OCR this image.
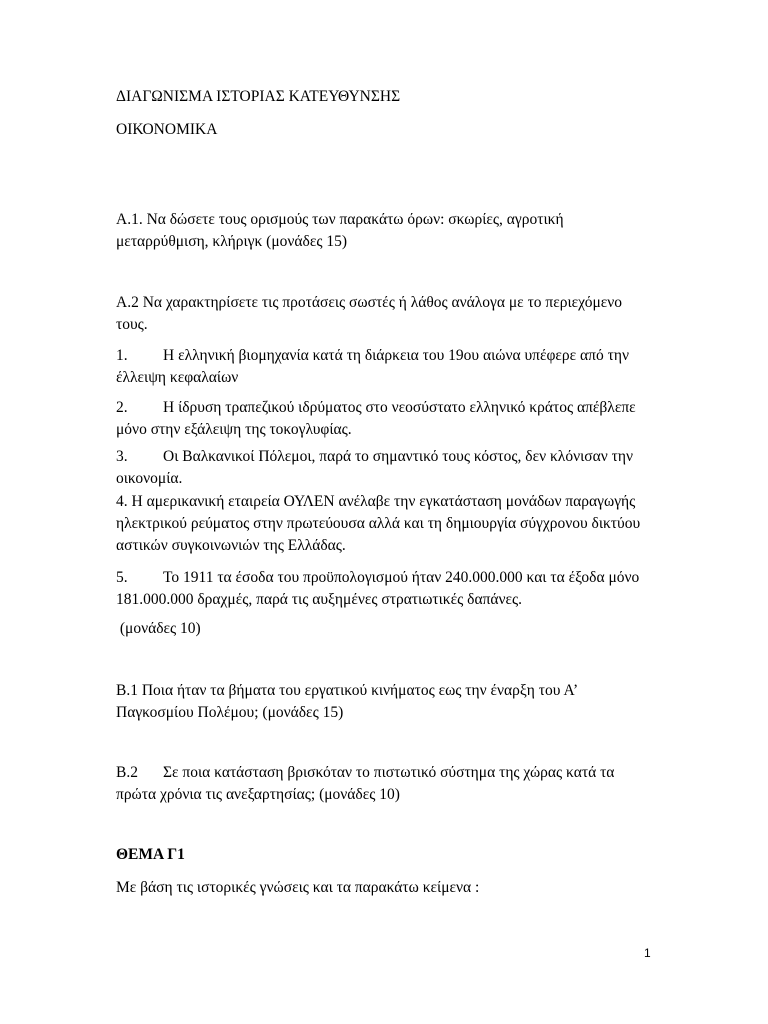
ΔΙΑΓΩΝΙΣΜΑ ΙΣΤΟΡΙΑΣ ΚΑΤΕΥΘΥΝΣΗΣ
ΟΙΚΟΝΟΜΙΚΑ
Α.1. Να δώσετε τους ορισμούς των παρακάτω όρων: σκωρίες, αγροτική μεταρρύθμιση, κλήριγκ (μονάδες 15)
Α.2 Να χαρακτηρίσετε τις προτάσεις σωστές ή λάθος ανάλογα με το περιεχόμενο τους.
1. Η ελληνική βιομηχανία κατά τη διάρκεια του 19ου αιώνα υπέφερε από την έλλειψη κεφαλαίων
2. Η ίδρυση τραπεζικού ιδρύματος στο νεοσύστατο ελληνικό κράτος απέβλεπε μόνο στην εξάλειψη της τοκογλυφίας.
3. Οι Βαλκανικοί Πόλεμοι, παρά το σημαντικό τους κόστος, δεν κλόνισαν την οικονομία.
4. Η αμερικανική εταιρεία ΟΥΛΕΝ ανέλαβε την εγκατάσταση μονάδων παραγωγής ηλεκτρικού ρεύματος στην πρωτεύουσα αλλά και τη δημιουργία σύγχρονου δικτύου αστικών συγκοινωνιών της Ελλάδας.
5. Το 1911 τα έσοδα του προϋπολογισμού ήταν 240.000.000 και τα έξοδα μόνο 181.000.000 δραχμές, παρά τις αυξημένες στρατιωτικές δαπάνες.
(μονάδες 10)
Β.1 Ποια ήταν τα βήματα του εργατικού κινήματος εως την έναρξη του Α’ Παγκοσμίου Πολέμου; (μονάδες 15)
Β.2 Σε ποια κατάσταση βρισκόταν το πιστωτικό σύστημα της χώρας κατά τα πρώτα χρόνια τις ανεξαρτησίας; (μονάδες 10)
ΘΕΜΑ Γ1
Με βάση τις ιστορικές γνώσεις και τα παρακάτω κείμενα :
1
